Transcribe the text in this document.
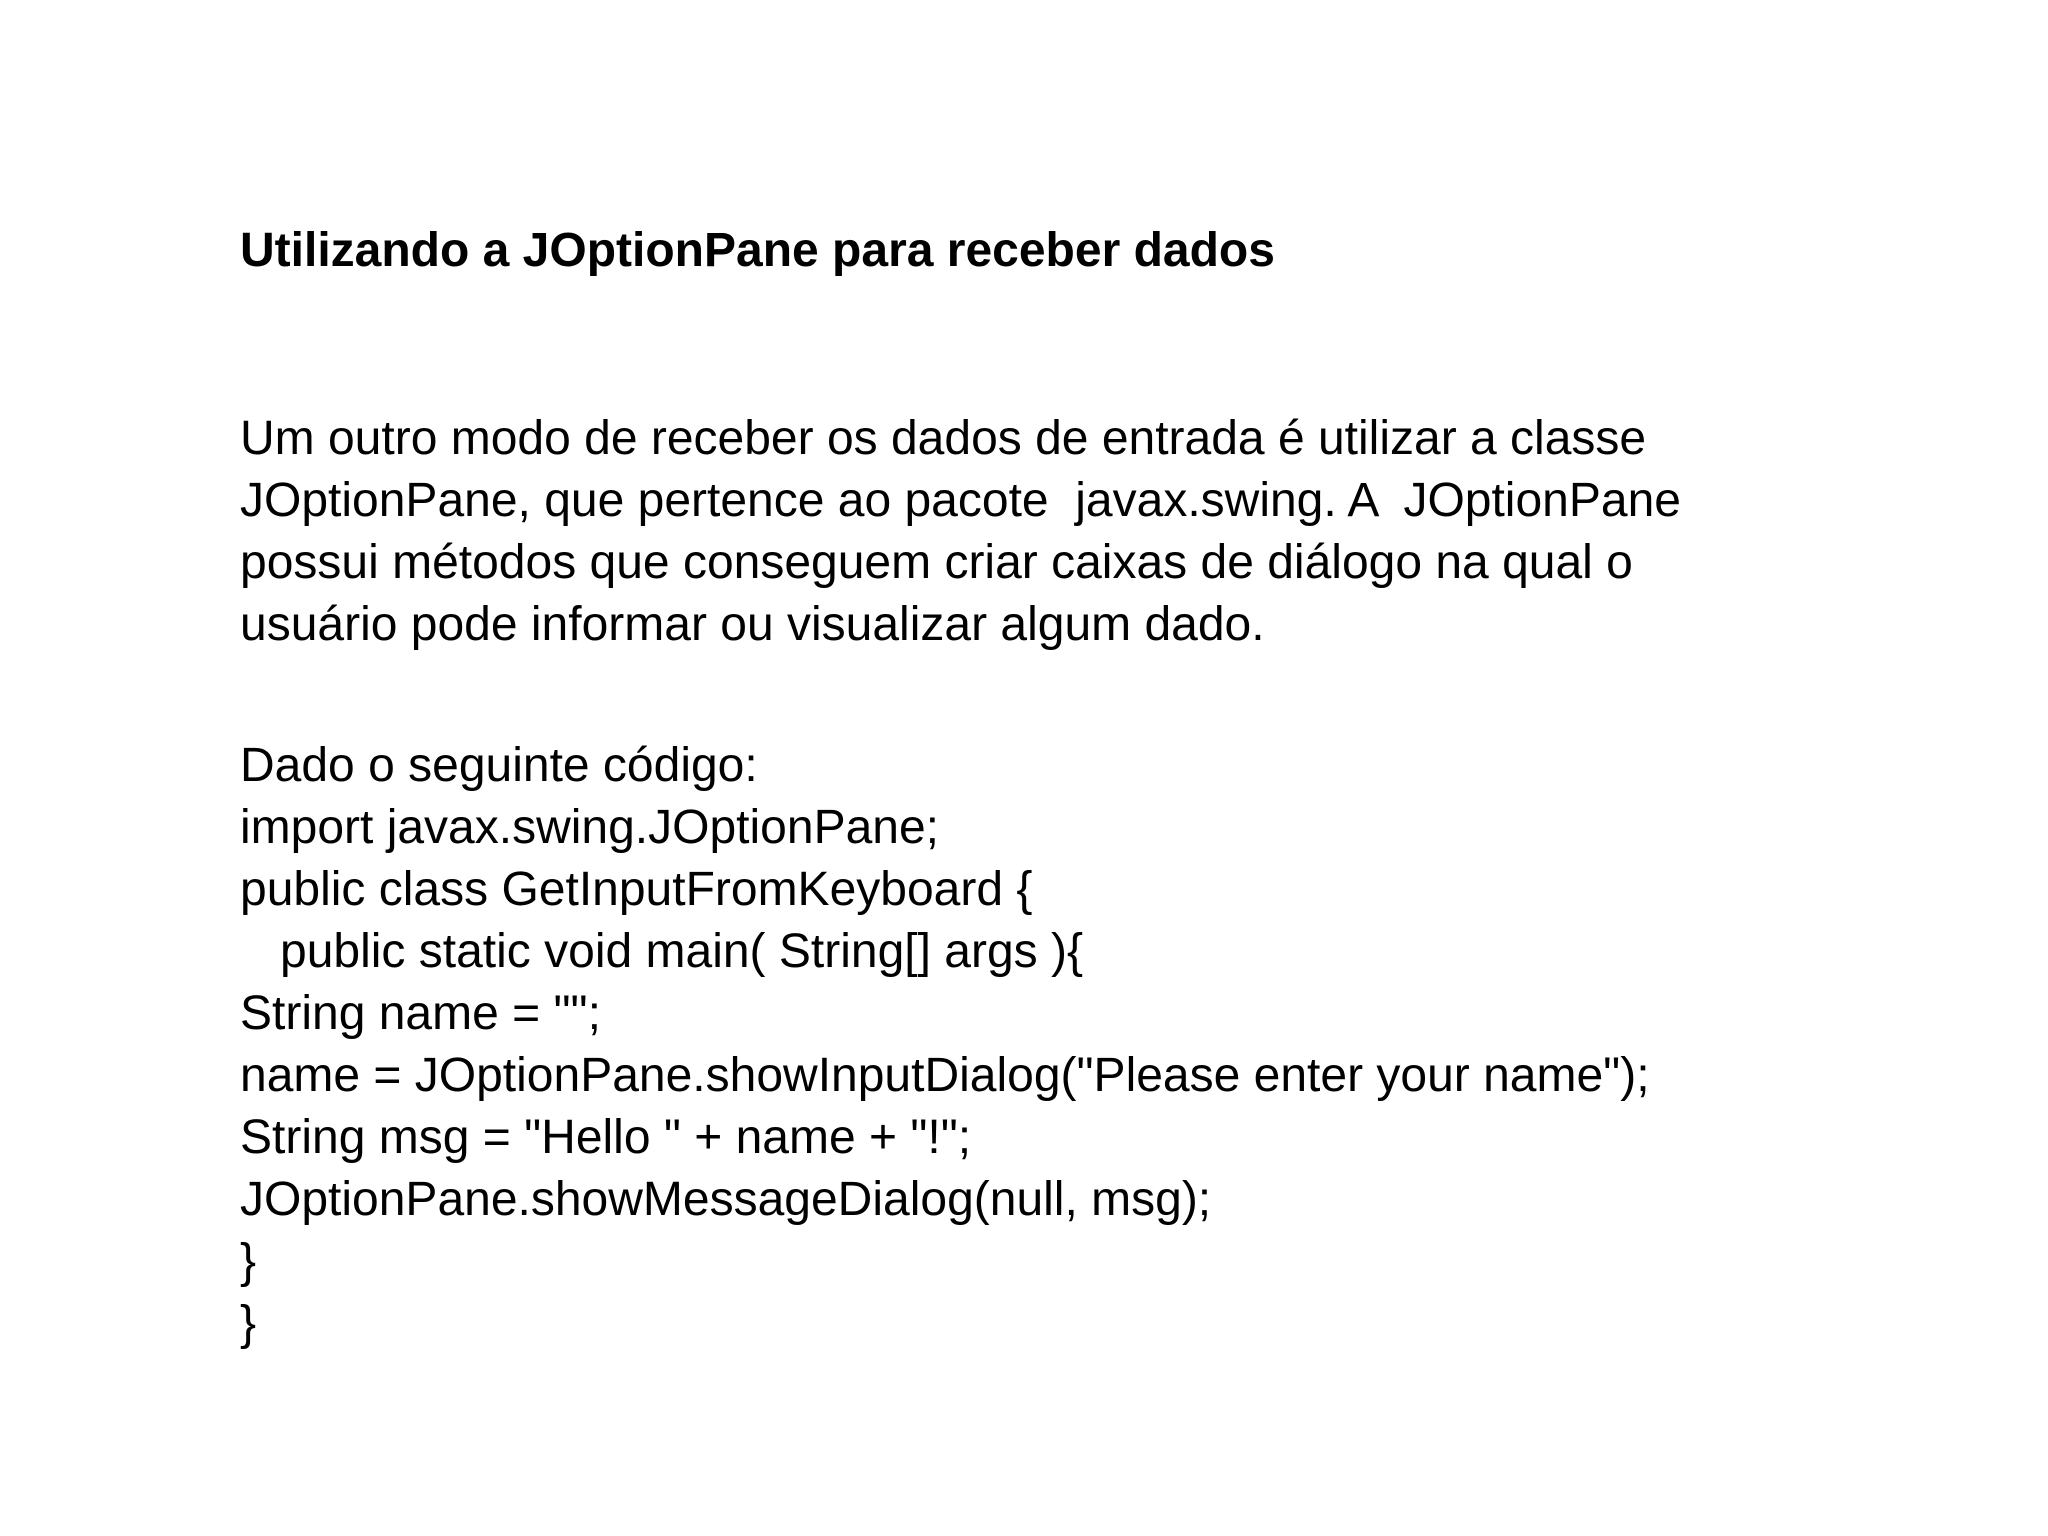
Utilizando a JOptionPane para receber dados
Um outro modo de receber os dados de entrada é utilizar a classe
JOptionPane, que pertence ao pacote  javax.swing. A  JOptionPane
possui métodos que conseguem criar caixas de diálogo na qual o
usuário pode informar ou visualizar algum dado.
Dado o seguinte código:
import javax.swing.JOptionPane;
public class GetInputFromKeyboard {
public static void main( String[] args ){
String name = "";
name = JOptionPane.showInputDialog("Please enter your name");
String msg = "Hello " + name + "!";
JOptionPane.showMessageDialog(null, msg);
}
}
